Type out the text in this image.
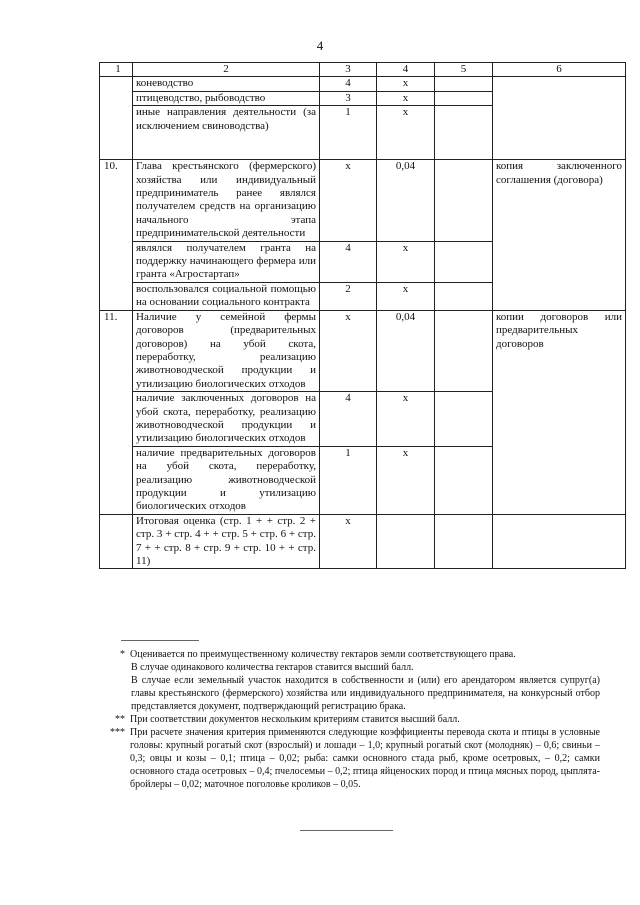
4
1	2	3	4	5	6
	коневодство	4	х		
	птицеводство, рыбоводство	3	х		
	иные направления деятельности (за исключением свиноводства)	1	х		
10.	Глава крестьянского (фермерского) хозяйства или индивидуальный предприниматель ранее являлся получателем средств на организацию начального этапа предпринимательской деятельности	х	0,04		копия заключенного соглашения (договора)
	являлся получателем гранта на поддержку начинающего фермера или гранта «Агростартап»	4	х		
	воспользовался социальной помощью на основании социального контракта	2	х		
11.	Наличие у семейной фермы договоров (предварительных договоров) на убой скота, переработку, реализацию животноводческой продукции и утилизацию биологических отходов	х	0,04		копии договоров или предварительных договоров
	наличие заключенных договоров на убой скота, переработку, реализацию животноводческой продукции и утилизацию биологических отходов	4	х		
	наличие предварительных договоров на убой скота, переработку, реализацию животноводческой продукции и утилизацию биологических отходов	1	х		
	Итоговая оценка (стр. 1 + + стр. 2 + стр. 3 + стр. 4 + + стр. 5 + стр. 6 + стр. 7 + + стр. 8 + стр. 9 + стр. 10 + + стр. 11)	х			
* Оценивается по преимущественному количеству гектаров земли соответствующего права.
В случае одинакового количества гектаров ставится высший балл.
В случае если земельный участок находится в собственности и (или) его арендатором является супруг(а) главы крестьянского (фермерского) хозяйства или индивидуального предпринимателя, на конкурсный отбор представляется документ, подтверждающий регистрацию брака.
** При соответствии документов нескольким критериям ставится высший балл.
*** При расчете значения критерия применяются следующие коэффициенты перевода скота и птицы в условные головы: крупный рогатый скот (взрослый) и лошади – 1,0; крупный рогатый скот (молодняк) – 0,6; свиньи – 0,3; овцы и козы – 0,1; птица – 0,02; рыба: самки основного стада рыб, кроме осетровых, – 0,2; самки основного стада осетровых – 0,4; пчелосемьи – 0,2; птица яйценоских пород и птица мясных пород, цыплята-бройлеры – 0,02; маточное поголовье кроликов – 0,05.
